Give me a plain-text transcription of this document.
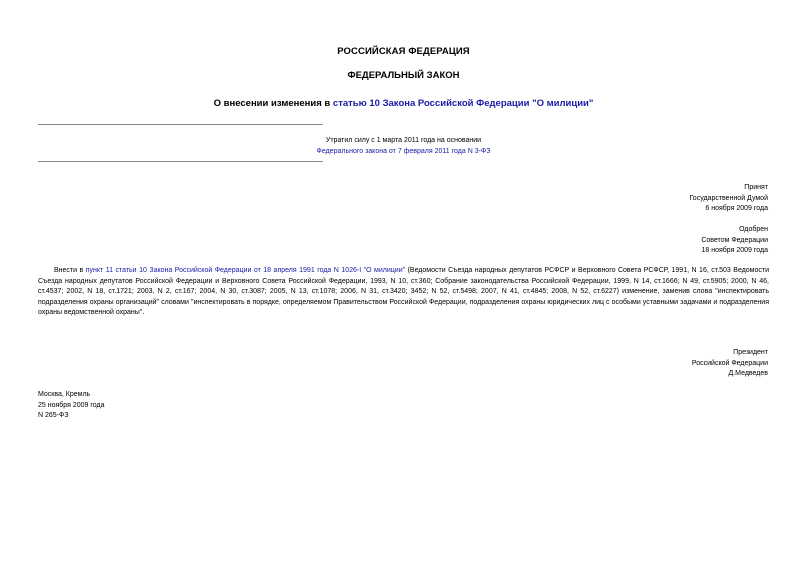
РОССИЙСКАЯ ФЕДЕРАЦИЯ
ФЕДЕРАЛЬНЫЙ ЗАКОН
О внесении изменения в статью 10 Закона Российской Федерации "О милиции"
Утратил силу с 1 марта 2011 года на основании
Федерального закона от 7 февраля 2011 года N 3-ФЗ
Принят
Государственной Думой
6 ноября 2009 года
Одобрен
Советом Федерации
18 ноября 2009 года
Внести в пункт 11 статьи 10 Закона Российской Федерации от 18 апреля 1991 года N 1026-I "О милиции" (Ведомости Съезда народных депутатов РСФСР и Верховного Совета РСФСР, 1991, N 16, ст.503 Ведомости Съезда народных депутатов Российской Федерации и Верховного Совета Российской Федерации, 1993, N 10, ст.360; Собрание законодательства Российской Федерации, 1999, N 14, ст.1666; N 49, ст.5905; 2000, N 46, ст.4537; 2002, N 18, ст.1721; 2003, N 2, ст.167; 2004, N 30, ст.3087; 2005, N 13, ст.1078; 2006, N 31, ст.3420; 3452; N 52, ст.5498; 2007, N 41, ст.4845; 2008, N 52, ст.6227) изменение, заменив слова "инспектировать подразделения охраны организаций" словами "инспектировать в порядке, определяемом Правительством Российской Федерации, подразделения охраны юридических лиц с особыми уставными задачами и подразделения охраны ведомственной охраны".
Президент
Российской Федерации
Д.Медведев
Москва, Кремль
25 ноября 2009 года
N 265-ФЗ
